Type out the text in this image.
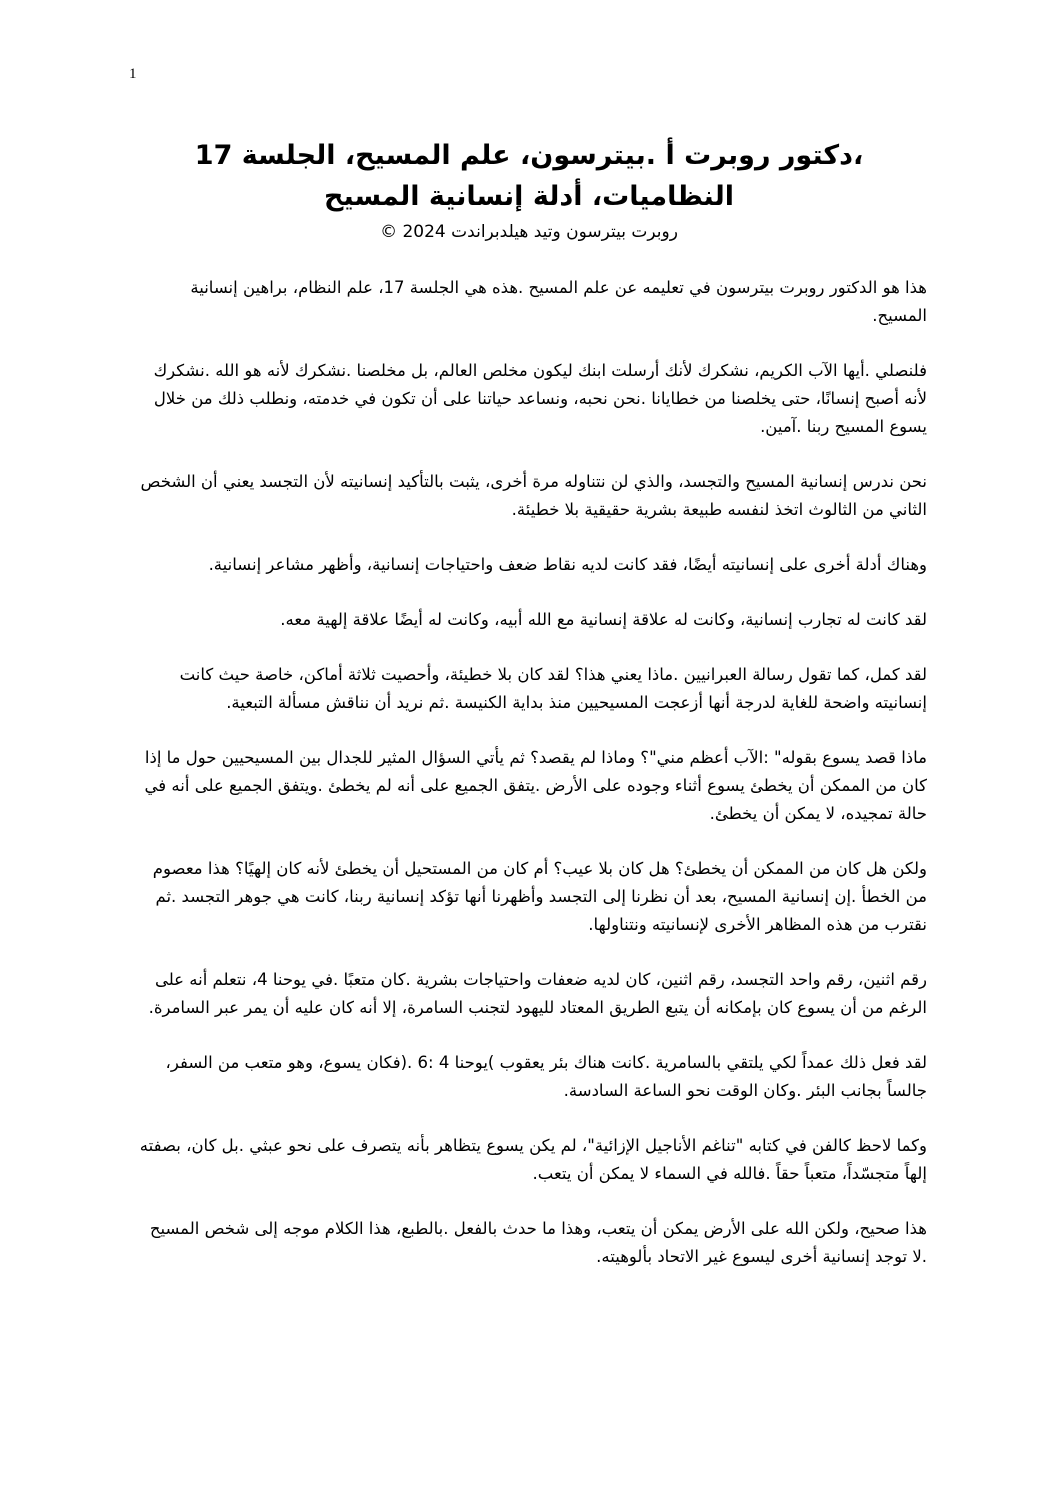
1
،دكتور روبرت أ .بيترسون، علم المسيح، الجلسة 17
النظاميات، أدلة إنسانية المسيح
روبرت بيترسون وتيد هيلدبراندت 2024 ©

هذا هو الدكتور روبرت بيترسون في تعليمه عن علم المسيح .هذه هي الجلسة 17، علم النظام، براهين إنسانية المسيح.

فلنصلي .أيها الآب الكريم، نشكرك لأنك أرسلت ابنك ليكون مخلص العالم، بل مخلصنا .نشكرك لأنه هو الله .نشكرك لأنه أصبح إنسانًا، حتى يخلصنا من خطايانا .نحن نحبه، ونساعد حياتنا على أن تكون في خدمته، ونطلب ذلك من خلال يسوع المسيح ربنا .آمين.

نحن ندرس إنسانية المسيح والتجسد، والذي لن نتناوله مرة أخرى، يثبت بالتأكيد إنسانيته لأن التجسد يعني أن الشخص الثاني من الثالوث اتخذ لنفسه طبيعة بشرية حقيقية بلا خطيئة.

وهناك أدلة أخرى على إنسانيته أيضًا، فقد كانت لديه نقاط ضعف واحتياجات إنسانية، وأظهر مشاعر إنسانية.

لقد كانت له تجارب إنسانية، وكانت له علاقة إنسانية مع الله أبيه، وكانت له أيضًا علاقة إلهية معه.

لقد كمل، كما تقول رسالة العبرانيين .ماذا يعني هذا؟ لقد كان بلا خطيئة، وأحصيت ثلاثة أماكن، خاصة حيث كانت إنسانيته واضحة للغاية لدرجة أنها أزعجت المسيحيين منذ بداية الكنيسة .ثم نريد أن نناقش مسألة التبعية.

ماذا قصد يسوع بقوله" :الآب أعظم مني"؟ وماذا لم يقصد؟ ثم يأتي السؤال المثير للجدال بين المسيحيين حول ما إذا كان من الممكن أن يخطئ يسوع أثناء وجوده على الأرض .يتفق الجميع على أنه لم يخطئ .ويتفق الجميع على أنه في حالة تمجيده، لا يمكن أن يخطئ.

ولكن هل كان من الممكن أن يخطئ؟ هل كان بلا عيب؟ أم كان من المستحيل أن يخطئ لأنه كان إلهيًا؟ هذا معصوم من الخطأ .إن إنسانية المسيح، بعد أن نظرنا إلى التجسد وأظهرنا أنها تؤكد إنسانية ربنا، كانت هي جوهر التجسد .ثم نقترب من هذه المظاهر الأخرى لإنسانيته ونتناولها.

رقم اثنين، رقم واحد التجسد، رقم اثنين، كان لديه ضعفات واحتياجات بشرية .كان متعبًا .في يوحنا 4، نتعلم أنه على الرغم من أن يسوع كان بإمكانه أن يتبع الطريق المعتاد لليهود لتجنب السامرة، إلا أنه كان عليه أن يمر عبر السامرة.

لقد فعل ذلك عمداً لكي يلتقي بالسامرية .كانت هناك بئر يعقوب )يوحنا 4 :6 .(فكان يسوع، وهو متعب من السفر، جالساً بجانب البئر .وكان الوقت نحو الساعة السادسة.

وكما لاحظ كالفن في كتابه "تناغم الأناجيل الإزائية"، لم يكن يسوع يتظاهر بأنه يتصرف على نحو عبثي .بل كان، بصفته إلهاً متجسّداً، متعباً حقاً .فالله في السماء لا يمكن أن يتعب.

هذا صحيح، ولكن الله على الأرض يمكن أن يتعب، وهذا ما حدث بالفعل .بالطبع، هذا الكلام موجه إلى شخص المسيح .لا توجد إنسانية أخرى ليسوع غير الاتحاد بألوهيته.
